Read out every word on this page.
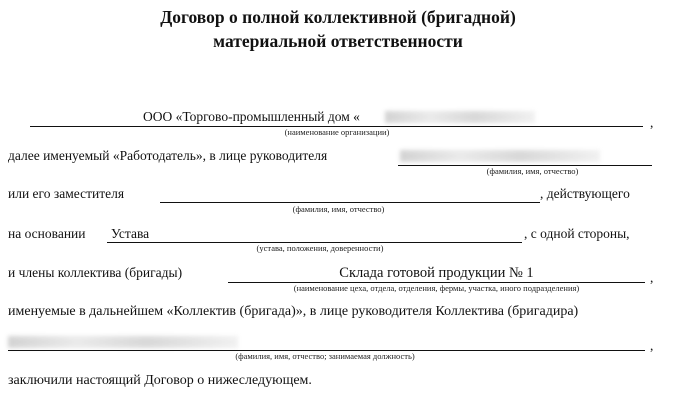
Договор о полной коллективной (бригадной)
материальной ответственности
ООО «Торгово-промышленный дом «	,
(наименование организации)
далее именуемый «Работодатель», в лице руководителя
(фамилия, имя, отчество)
или его заместителя	, действующего
(фамилия, имя, отчество)
на основании Устава	, с одной стороны,
(устава, положения, доверенности)
и члены коллектива (бригады)	Склада готовой продукции № 1	,
(наименование цеха, отдела, отделения, фермы, участка, иного подразделения)
именуемые в дальнейшем «Коллектив (бригада)», в лице руководителя Коллектива (бригадира)
,
(фамилия, имя, отчество; занимаемая должность)
заключили настоящий Договор о нижеследующем.
